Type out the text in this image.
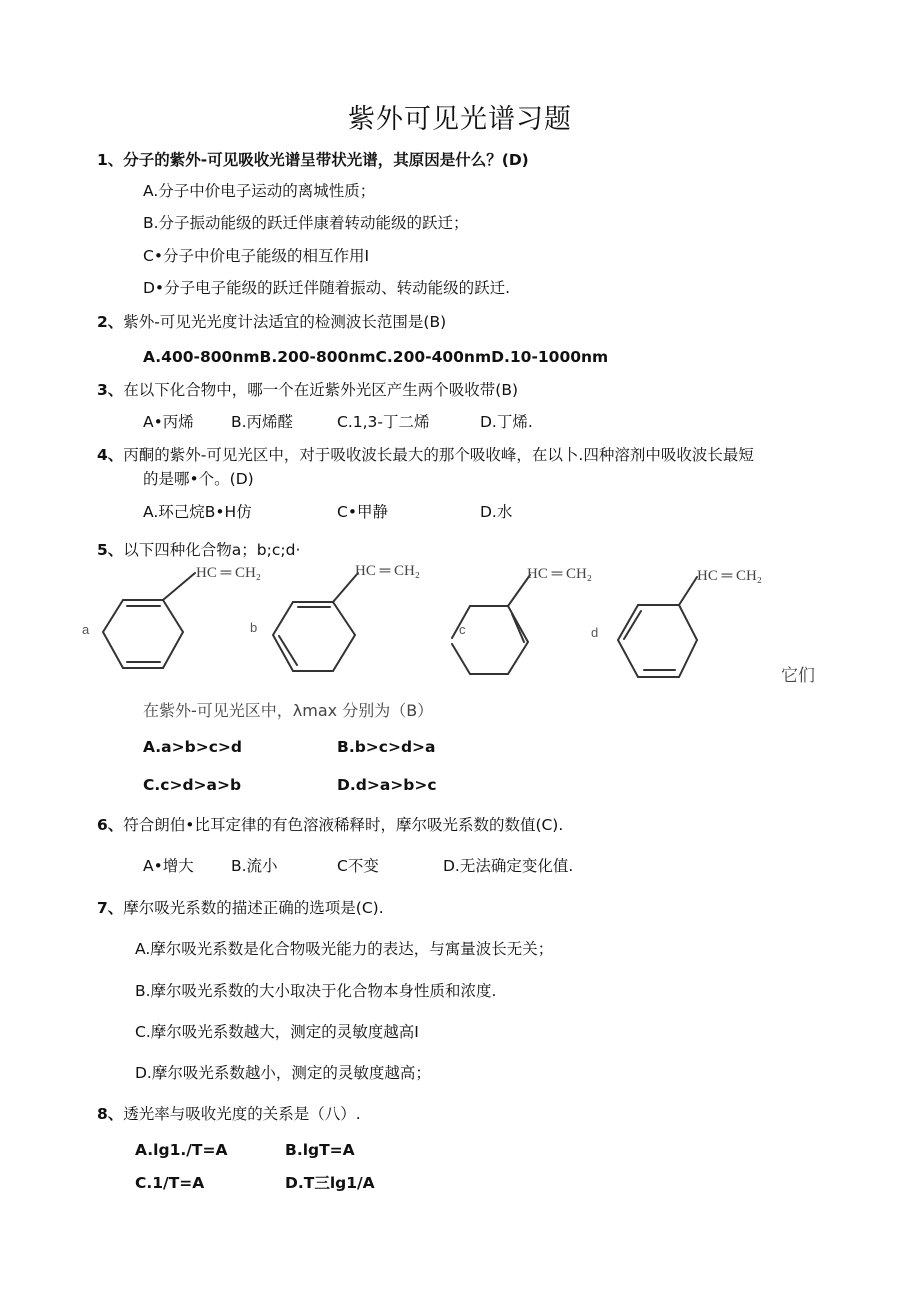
紫外可见光谱习题
1、分子的紫外-可见吸收光谱呈带状光谱，其原因是什么？(D)
A.分子中价电子运动的离城性质；
B.分子振动能级的跃迁伴康着转动能级的跃迁；
C•分子中价电子能级的相互作用I
D•分子电子能级的跃迁伴随着振动、转动能级的跃迁.
2、紫外-可见光光度计法适宜的检测波长范围是(B)
A.400-800nmB.200-800nmC.200-400nmD.10-1000nm
3、在以下化合物中，哪一个在近紫外光区产生两个吸收带(B)
A•丙烯 B.丙烯醛	C.1,3-丁二烯	D.丁烯.
4、丙酮的紫外-可见光区中，对于吸收波长最大的那个吸收峰，在以卜.四种溶剂中吸收波长最短
的是哪•个。(D)
A.环己烷B•H仿	C•甲静	D.水
5、以下四种化合物a；b;c;d·
HC ═ CH₂	HC ═ CH₂	HC ═ CH₂	HC ═ CH₂
a	b	c	d
它们
在紫外-可见光区中，λmax 分别为（B）
A.a>b>c>d	B.b>c>d>a
C.c>d>a>b	D.d>a>b>c
6、符合朗伯•比耳定律的有色溶液稀释时，摩尔吸光系数的数值(C).
A•增大 B.流小	C不变	D.无法确定变化值.
7、摩尔吸光系数的描述正确的选项是(C).
A.摩尔吸光系数是化合物吸光能力的表达，与寓量波长无关；
B.摩尔吸光系数的大小取决于化合物本身性质和浓度.
C.摩尔吸光系数越大，测定的灵敏度越高I
D.摩尔吸光系数越小，测定的灵敏度越高；
8、透光率与吸收光度的关系是（八）.
A.lg1./T=A	B.lgT=A
C.1/T=A	D.T三lg1/A
